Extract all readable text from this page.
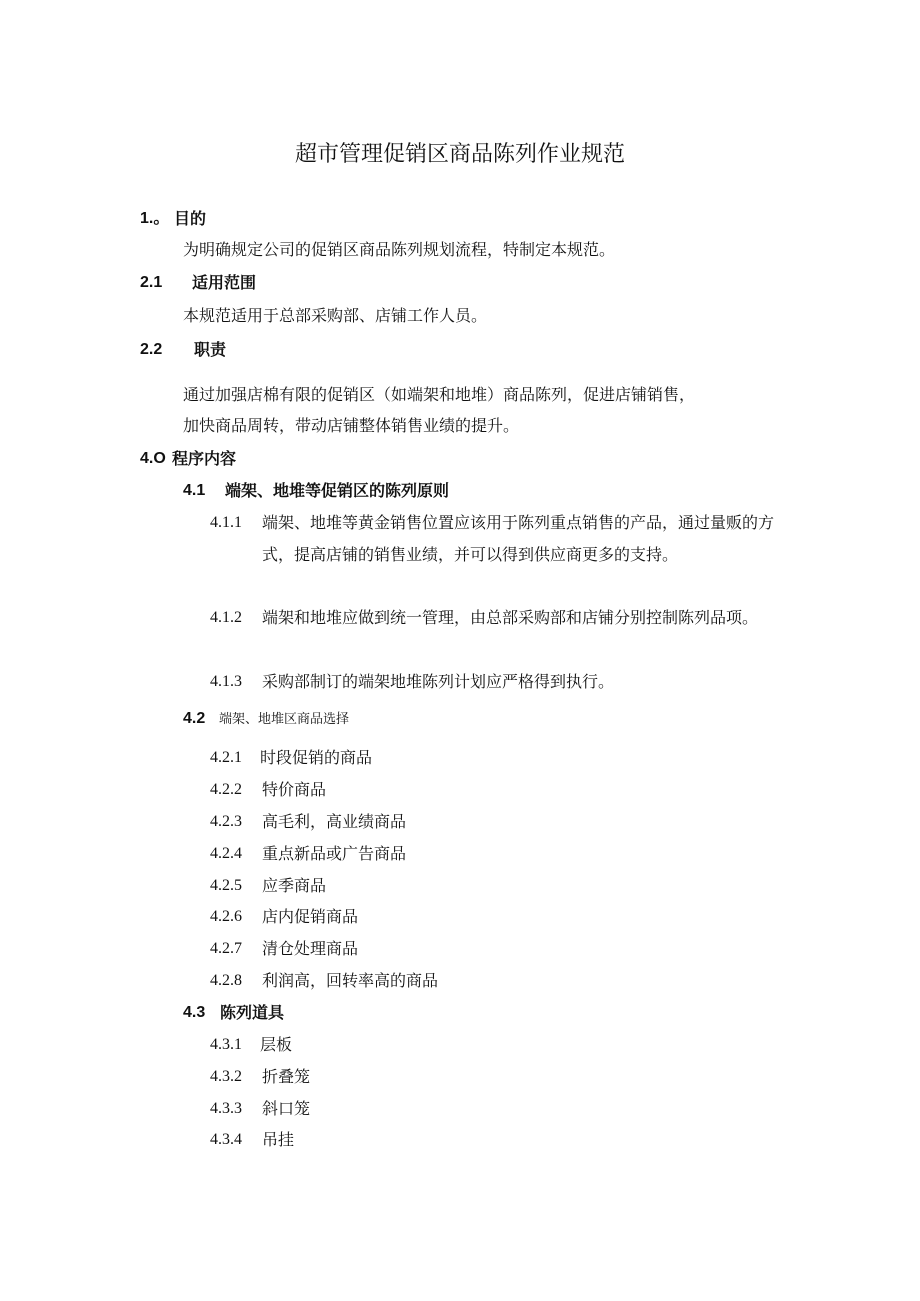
超市管理促销区商品陈列作业规范
1.。 目的
为明确规定公司的促销区商品陈列规划流程，特制定本规范。
2.1 适用范围
本规范适用于总部采购部、店铺工作人员。
2.2 职责
通过加强店棉有限的促销区（如端架和地堆）商品陈列，促进店铺销售，
加快商品周转，带动店铺整体销售业绩的提升。
4.O 程序内容
4.1 端架、地堆等促销区的陈列原则
4.1.1 端架、地堆等黄金销售位置应该用于陈列重点销售的产品，通过量贩的方式，提高店铺的销售业绩，并可以得到供应商更多的支持。
4.1.2 端架和地堆应做到统一管理，由总部采购部和店铺分别控制陈列品项。
4.1.3 采购部制订的端架地堆陈列计划应严格得到执行。
4.2 端架、地堆区商品选择
4.2.1 时段促销的商品
4.2.2 特价商品
4.2.3 高毛利，高业绩商品
4.2.4 重点新品或广告商品
4.2.5 应季商品
4.2.6 店内促销商品
4.2.7 清仓处理商品
4.2.8 利润高，回转率高的商品
4.3 陈列道具
4.3.1 层板
4.3.2 折叠笼
4.3.3 斜口笼
4.3.4 吊挂
